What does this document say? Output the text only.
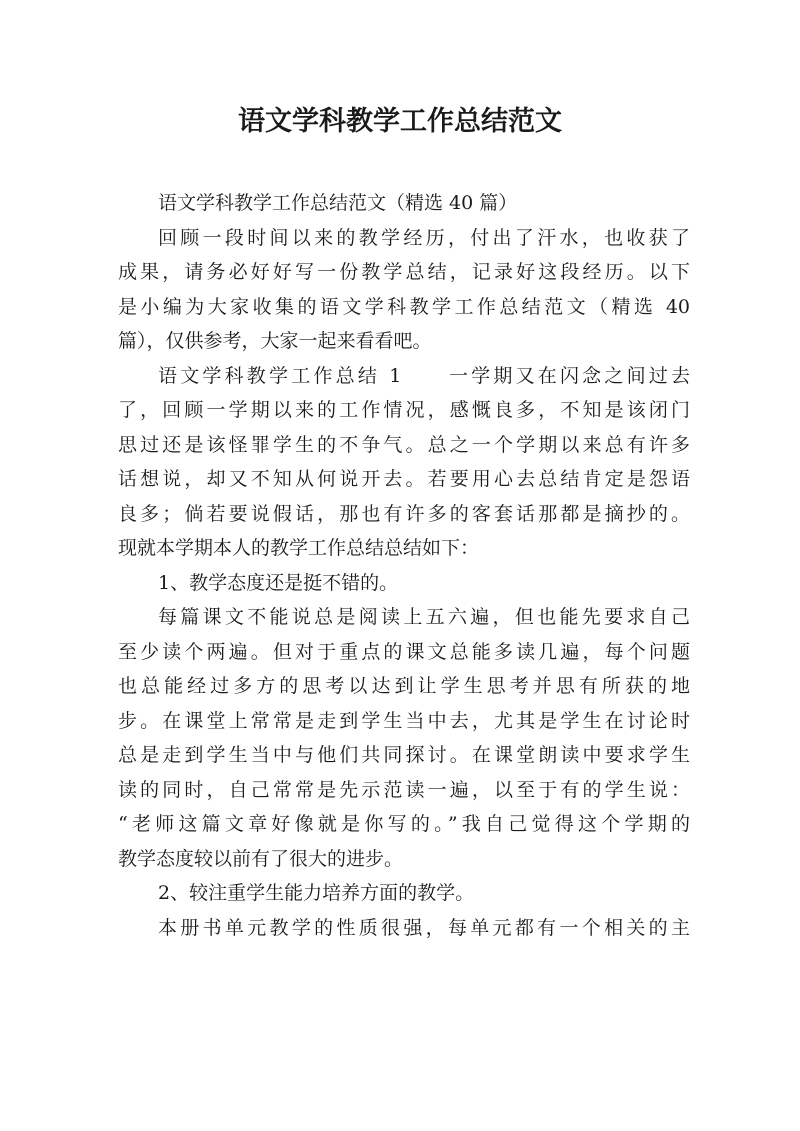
语文学科教学工作总结范文
语文学科教学工作总结范文（精选 40 篇）
回顾一段时间以来的教学经历，付出了汗水，也收获了
成果，请务必好好写一份教学总结，记录好这段经历。以下
是小编为大家收集的语文学科教学工作总结范文（精选 40
篇），仅供参考，大家一起来看看吧。
语文学科教学工作总结 1　　一学期又在闪念之间过去
了，回顾一学期以来的工作情况，感慨良多，不知是该闭门
思过还是该怪罪学生的不争气。总之一个学期以来总有许多
话想说，却又不知从何说开去。若要用心去总结肯定是怨语
良多；倘若要说假话，那也有许多的客套话那都是摘抄的。
现就本学期本人的教学工作总结总结如下：
1、教学态度还是挺不错的。
每篇课文不能说总是阅读上五六遍，但也能先要求自己
至少读个两遍。但对于重点的课文总能多读几遍，每个问题
也总能经过多方的思考以达到让学生思考并思有所获的地
步。在课堂上常常是走到学生当中去，尤其是学生在讨论时
总是走到学生当中与他们共同探讨。在课堂朗读中要求学生
读的同时，自己常常是先示范读一遍，以至于有的学生说：
“老师这篇文章好像就是你写的。”我自己觉得这个学期的
教学态度较以前有了很大的进步。
2、较注重学生能力培养方面的教学。
本册书单元教学的性质很强，每单元都有一个相关的主
